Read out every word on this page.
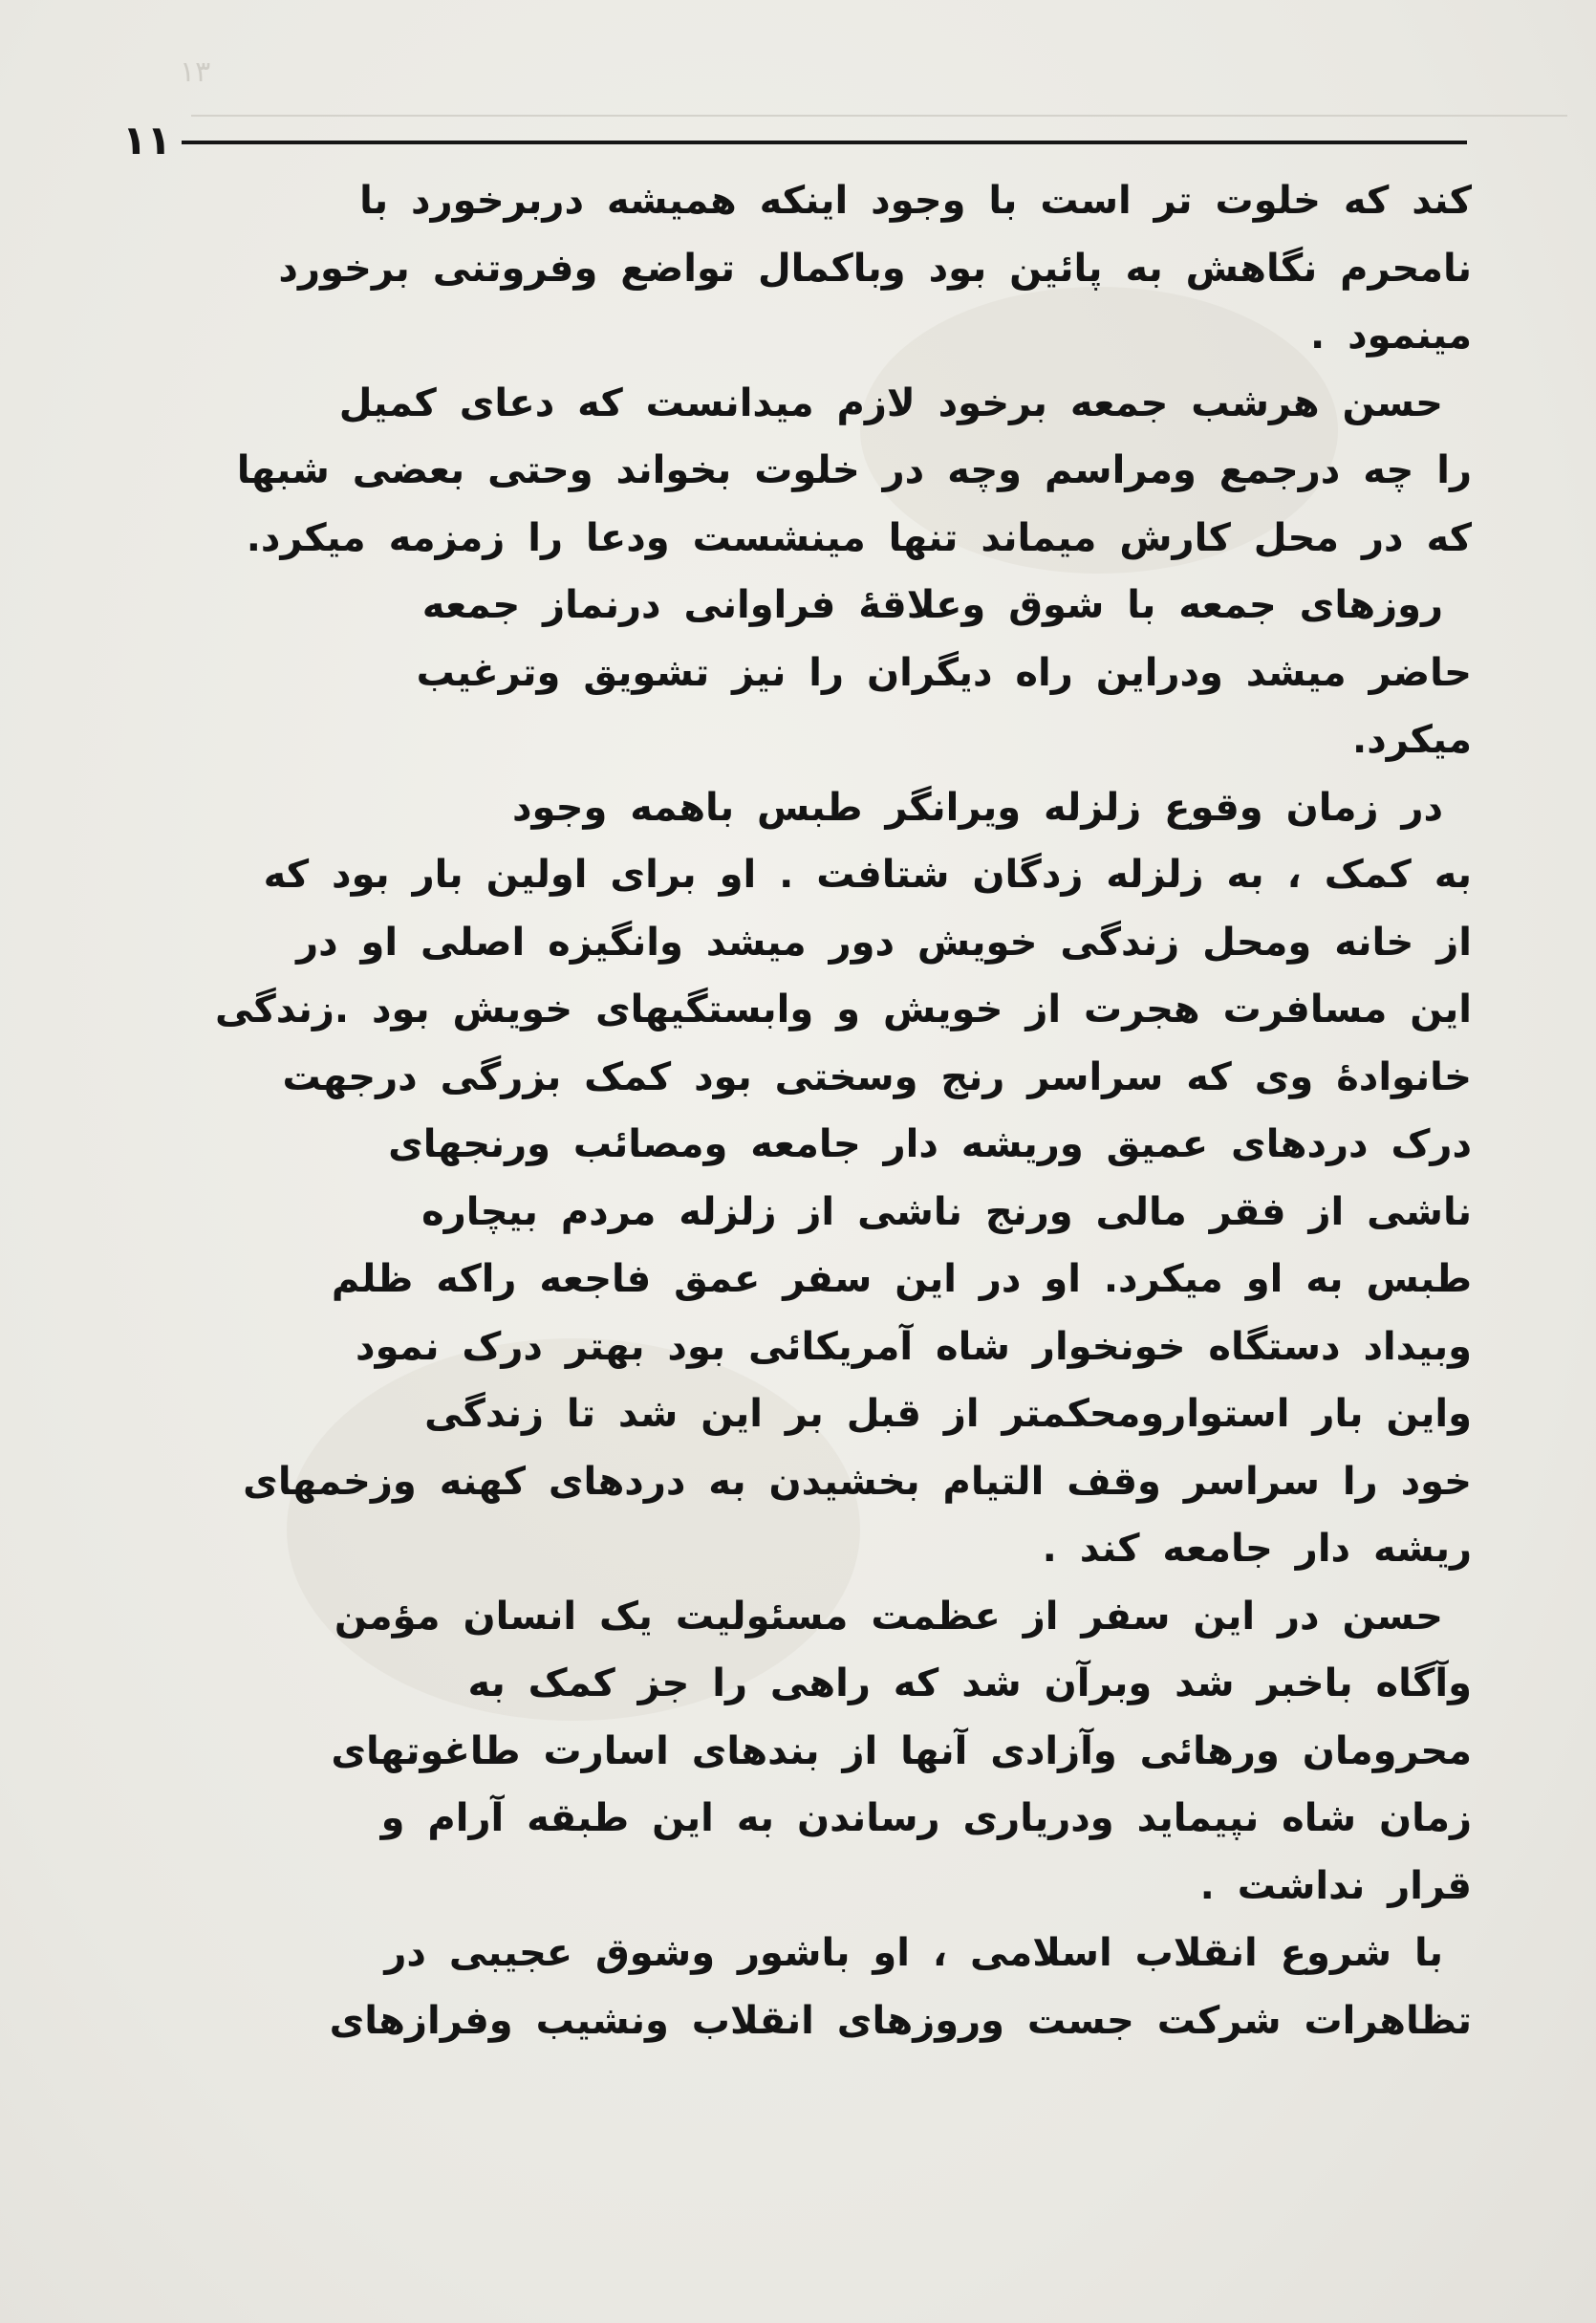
۱۳
۱۱
کند که خلوت تر است با وجود اینکه همیشه دربرخورد با
نامحرم نگاهش به پائین بود وباکمال تواضع وفروتنی برخورد
مینمود .
حسن هرشب جمعه برخود لازم میدانست که دعای کمیل
را چه درجمع ومراسم وچه در خلوت بخواند وحتی بعضی شبها
که در محل کارش میماند تنها مینشست ودعا را زمزمه میکرد.
روزهای جمعه با شوق وعلاقهٔ فراوانی درنماز جمعه
حاضر میشد ودراین راه دیگران را نیز تشویق وترغیب
میکرد.
در زمان وقوع زلزله ویرانگر طبس باهمه وجود
به کمک ، به زلزله زدگان شتافت . او برای اولین بار بود که
از خانه ومحل زندگی خویش دور میشد وانگیزه اصلی او در
این مسافرت هجرت از خویش و وابستگیهای خویش بود .زندگی
خانوادهٔ وی که سراسر رنج وسختی بود کمک بزرگی درجهت
درک دردهای عمیق وریشه دار جامعه ومصائب ورنجهای
ناشی از فقر مالی ورنج ناشی از زلزله مردم بیچاره
طبس به او میکرد. او در این سفر عمق فاجعه راکه ظلم
وبیداد دستگاه خونخوار شاه آمریکائی بود بهتر درک نمود
واین بار استوارومحکمتر از قبل بر این شد تا زندگی
خود را سراسر وقف التیام بخشیدن به دردهای کهنه وزخمهای
ریشه دار جامعه کند .
حسن در این سفر از عظمت مسئولیت یک انسان مؤمن
وآگاه باخبر شد وبرآن شد که راهی را جز کمک به
محرومان ورهائی وآزادی آنها از بندهای اسارت طاغوتهای
زمان شاه نپیماید ودریاری رساندن به این طبقه آرام و
قرار نداشت .
با شروع انقلاب اسلامی ، او باشور وشوق عجیبی در
تظاهرات شرکت جست وروزهای انقلاب ونشیب وفرازهای
